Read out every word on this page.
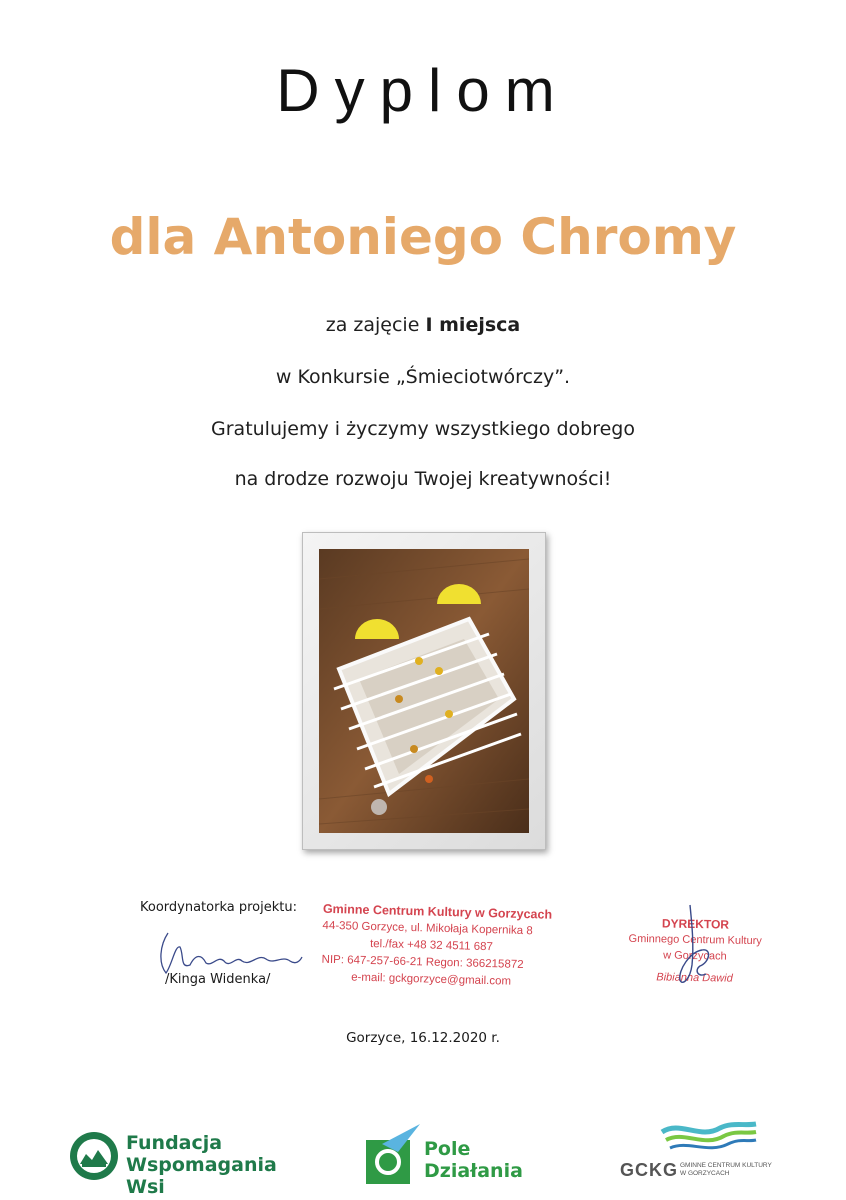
Dyplom
dla Antoniego Chromy
za zajęcie I miejsca
w Konkursie „Śmieciotwórczy”.
Gratulujemy i życzymy wszystkiego dobrego
na drodze rozwoju Twojej kreatywności!
Koordynatorka projektu:
/Kinga Widenka/
Gminne Centrum Kultury w Gorzycach
44-350 Gorzyce, ul. Mikołaja Kopernika 8
tel./fax +48 32 4511 687
NIP: 647-257-66-21 Regon: 366215872
e-mail: gckgorzyce@gmail.com
DYREKTOR
Gminnego Centrum Kultury
w Gorzycach
Bibianna Dawid
Gorzyce, 16.12.2020 r.
Fundacja
Wspomagania Wsi
Pole
Działania	GCKG GMINNE CENTRUM KULTURY
W GORZYCACH
